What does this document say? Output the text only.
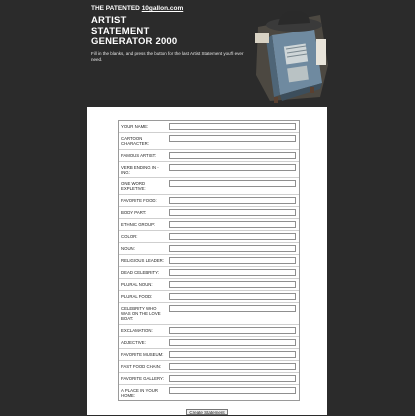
THE PATENTED 10gallon.com
ARTIST
STATEMENT
GENERATOR 2000
Fill in the blanks, and press the button for the last Artist Statement you'll ever need.
YOUR NAME:
CARTOON CHARACTER:
FAMOUS ARTIST:
VERB ENDING IN -ING:
ONE WORD EXPLETIVE:
FAVORITE FOOD:
BODY PART:
ETHNIC GROUP:
COLOR:
NOUN:
RELIGIOUS LEADER:
DEAD CELEBRITY:
PLURAL NOUN:
PLURAL FOOD:
CELEBRITY WHO WAS ON THE LOVE BOAT:
EXCLAMATION:
ADJECTIVE:
FAVORITE MUSEUM:
FAST FOOD CHAIN:
FAVORITE GALLERY:
A PLACE IN YOUR HOME:
Create Statement
